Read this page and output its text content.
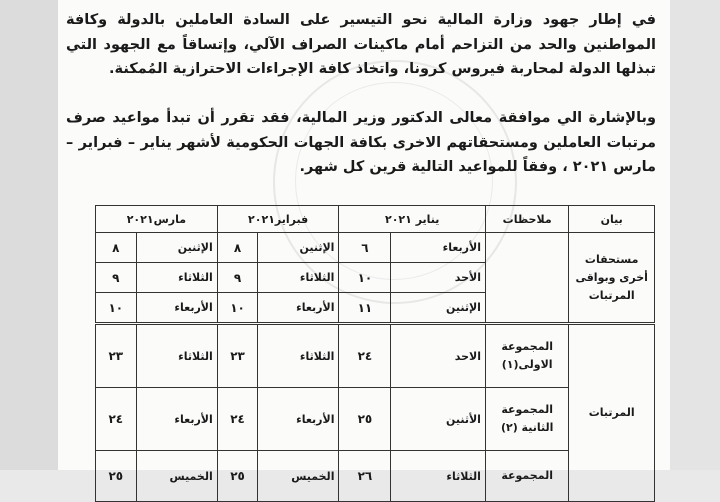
في إطار جهود وزارة المالية نحو التيسير على السادة العاملين بالدولة وكافة المواطنين والحد من التزاحم أمام ماكينات الصراف الآلي، وإتساقاً مع الجهود التي تبذلها الدولة لمحاربة فيروس كرونا، واتخاذ كافة الإجراءات الاحترازية المُمكنة.
وبالإشارة الي موافقة معالى الدكتور وزير المالية، فقد تقرر أن تبدأ مواعيد صرف مرتبات العاملين ومستحقاتهم الاخرى بكافة الجهات الحكومية لأشهر يناير – فبراير – مارس ٢٠٢١ ، وفقاً للمواعيد التالية قرين كل شهر.
بيان	ملاحظات	يناير ٢٠٢١		فبراير٢٠٢١		مارس٢٠٢١	
مستحقات أخرى وبواقى المرتبات		الأربعاء	٦	الإثنين	٨	الإثنين	٨
		الأحد	١٠	الثلاثاء	٩	الثلاثاء	٩
		الإثنين	١١	الأربعاء	١٠	الأربعاء	١٠
المرتبات	المجموعة الاولى(١)	الاحد	٢٤	الثلاثاء	٢٣	الثلاثاء	٢٣
	المجموعة الثانية (٢)	الأثنين	٢٥	الأربعاء	٢٤	الأربعاء	٢٤
	المجموعة	الثلاثاء	٢٦	الخميس	٢٥	الخميس	٢٥
